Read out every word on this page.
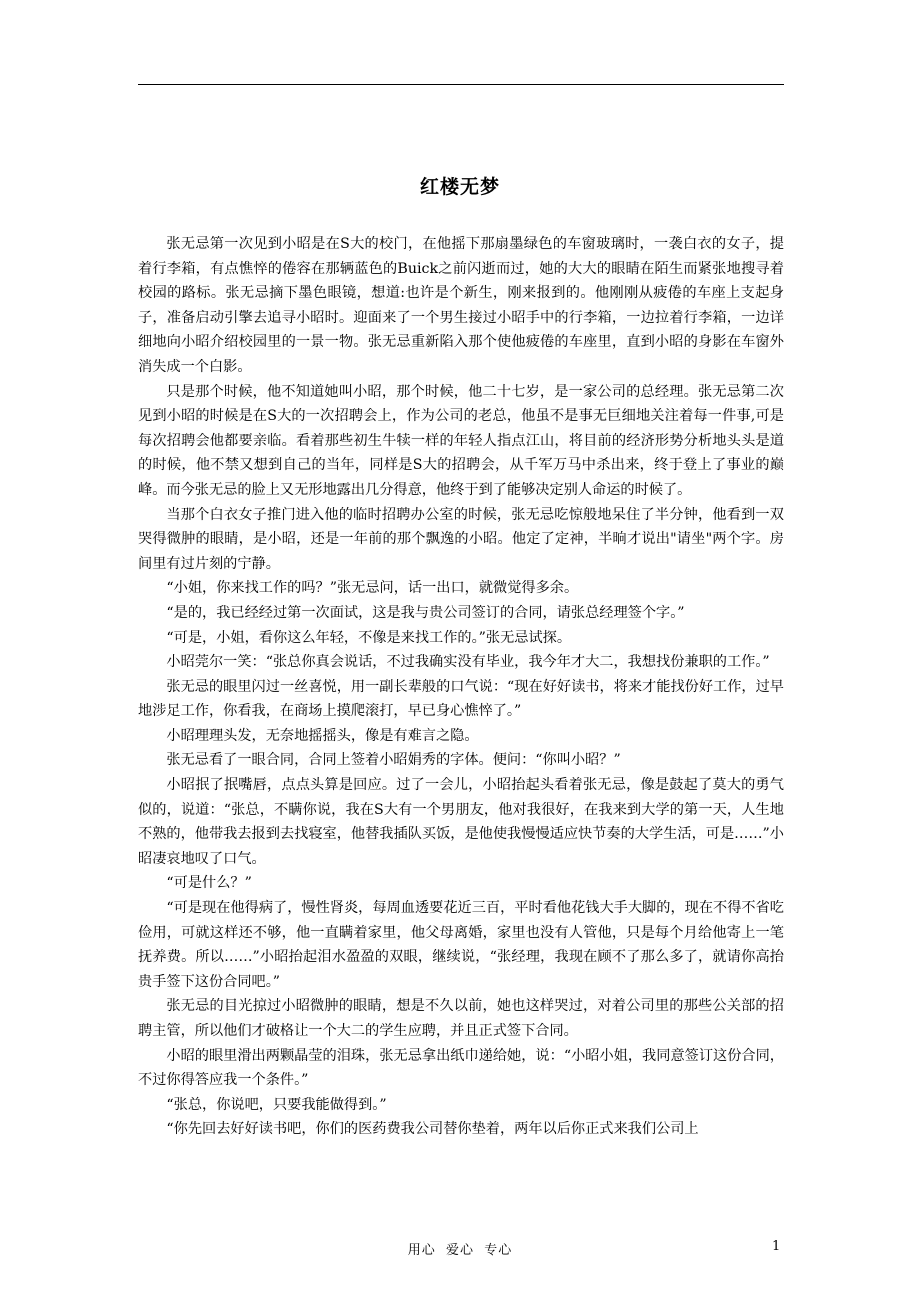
红楼无梦

张无忌第一次见到小昭是在S大的校门，在他摇下那扇墨绿色的车窗玻璃时，一袭白衣的女子，提着行李箱，有点憔悴的倦容在那辆蓝色的Buick之前闪逝而过，她的大大的眼睛在陌生而紧张地搜寻着校园的路标。张无忌摘下墨色眼镜，想道:也许是个新生，刚来报到的。他刚刚从疲倦的车座上支起身子，准备启动引擎去追寻小昭时。迎面来了一个男生接过小昭手中的行李箱，一边拉着行李箱，一边详细地向小昭介绍校园里的一景一物。张无忌重新陷入那个使他疲倦的车座里，直到小昭的身影在车窗外消失成一个白影。

只是那个时候，他不知道她叫小昭，那个时候，他二十七岁，是一家公司的总经理。张无忌第二次见到小昭的时候是在S大的一次招聘会上，作为公司的老总，他虽不是事无巨细地关注着每一件事,可是每次招聘会他都要亲临。看着那些初生牛犊一样的年轻人指点江山，将目前的经济形势分析地头头是道的时候，他不禁又想到自己的当年，同样是S大的招聘会，从千军万马中杀出来，终于登上了事业的巅峰。而今张无忌的脸上又无形地露出几分得意，他终于到了能够决定别人命运的时候了。

当那个白衣女子推门进入他的临时招聘办公室的时候，张无忌吃惊般地呆住了半分钟，他看到一双哭得微肿的眼睛，是小昭，还是一年前的那个飘逸的小昭。他定了定神，半晌才说出"请坐"两个字。房间里有过片刻的宁静。

“小姐，你来找工作的吗？”张无忌问，话一出口，就微觉得多余。

“是的，我已经经过第一次面试，这是我与贵公司签订的合同，请张总经理签个字。”

“可是，小姐，看你这么年轻，不像是来找工作的。”张无忌试探。

小昭莞尔一笑：“张总你真会说话，不过我确实没有毕业，我今年才大二，我想找份兼职的工作。”

张无忌的眼里闪过一丝喜悦，用一副长辈般的口气说：“现在好好读书，将来才能找份好工作，过早地涉足工作，你看我，在商场上摸爬滚打，早已身心憔悴了。”

小昭理理头发，无奈地摇摇头，像是有难言之隐。

张无忌看了一眼合同，合同上签着小昭娟秀的字体。便问：“你叫小昭？”

小昭抿了抿嘴唇，点点头算是回应。过了一会儿，小昭抬起头看着张无忌，像是鼓起了莫大的勇气似的，说道：“张总，不瞒你说，我在S大有一个男朋友，他对我很好，在我来到大学的第一天，人生地不熟的，他带我去报到去找寝室，他替我插队买饭，是他使我慢慢适应快节奏的大学生活，可是……”小昭凄哀地叹了口气。

“可是什么？”

“可是现在他得病了，慢性肾炎，每周血透要花近三百，平时看他花钱大手大脚的，现在不得不省吃俭用，可就这样还不够，他一直瞒着家里，他父母离婚，家里也没有人管他，只是每个月给他寄上一笔抚养费。所以……”小昭抬起泪水盈盈的双眼，继续说，“张经理，我现在顾不了那么多了，就请你高抬贵手签下这份合同吧。”

张无忌的目光掠过小昭微肿的眼睛，想是不久以前，她也这样哭过，对着公司里的那些公关部的招聘主管，所以他们才破格让一个大二的学生应聘，并且正式签下合同。

小昭的眼里滑出两颗晶莹的泪珠，张无忌拿出纸巾递给她，说：“小昭小姐，我同意签订这份合同，不过你得答应我一个条件。”

“张总，你说吧，只要我能做得到。”

“你先回去好好读书吧，你们的医药费我公司替你垫着，两年以后你正式来我们公司上

用心  爱心  专心	1
